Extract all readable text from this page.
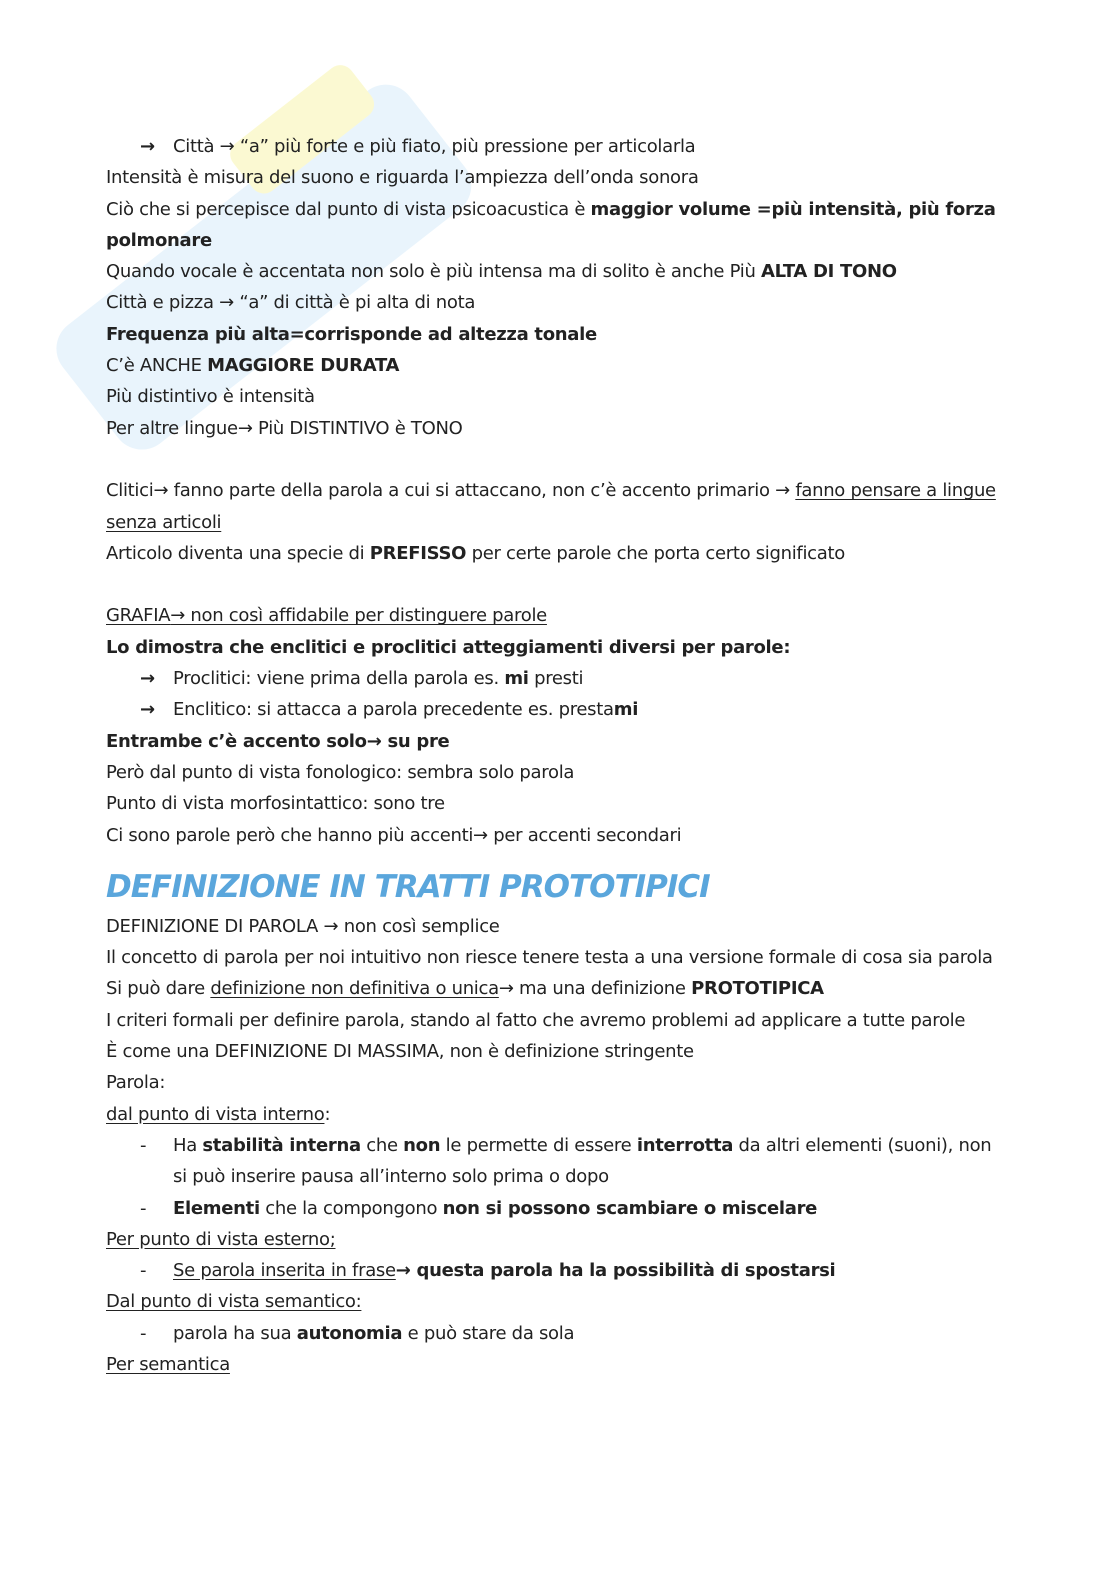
→ Città → “a” più forte e più fiato, più pressione per articolarla

Intensità è misura del suono e riguarda l’ampiezza dell’onda sonora

Ciò che si percepisce dal punto di vista psicoacustica è maggior volume =più intensità, più forza polmonare

Quando vocale è accentata non solo è più intensa ma di solito è anche Più ALTA DI TONO

Città e pizza → “a” di città è pi alta di nota

Frequenza più alta=corrisponde ad altezza tonale

C’è ANCHE MAGGIORE DURATA

Più distintivo è intensità

Per altre lingue→ Più DISTINTIVO è TONO

Clitici→ fanno parte della parola a cui si attaccano, non c’è accento primario → fanno pensare a lingue senza articoli

Articolo diventa una specie di PREFISSO per certe parole che porta certo significato

GRAFIA→ non così affidabile per distinguere parole

Lo dimostra che enclitici e proclitici atteggiamenti diversi per parole:

→ Proclitici: viene prima della parola es. mi presti

→ Enclitico: si attacca a parola precedente es. prestami

Entrambe c’è accento solo→ su pre

Però dal punto di vista fonologico: sembra solo parola

Punto di vista morfosintattico: sono tre

Ci sono parole però che hanno più accenti→ per accenti secondari

DEFINIZIONE IN TRATTI PROTOTIPICI

DEFINIZIONE DI PAROLA → non così semplice

Il concetto di parola per noi intuitivo non riesce tenere testa a una versione formale di cosa sia parola

Si può dare definizione non definitiva o unica→ ma una definizione PROTOTIPICA

I criteri formali per definire parola, stando al fatto che avremo problemi ad applicare a tutte parole

È come una DEFINIZIONE DI MASSIMA, non è definizione stringente

Parola:

dal punto di vista interno:

- Ha stabilità interna che non le permette di essere interrotta da altri elementi (suoni), non si può inserire pausa all’interno solo prima o dopo

- Elementi che la compongono non si possono scambiare o miscelare

Per punto di vista esterno;

- Se parola inserita in frase→ questa parola ha la possibilità di spostarsi

Dal punto di vista semantico:

- parola ha sua autonomia e può stare da sola

Per semantica
